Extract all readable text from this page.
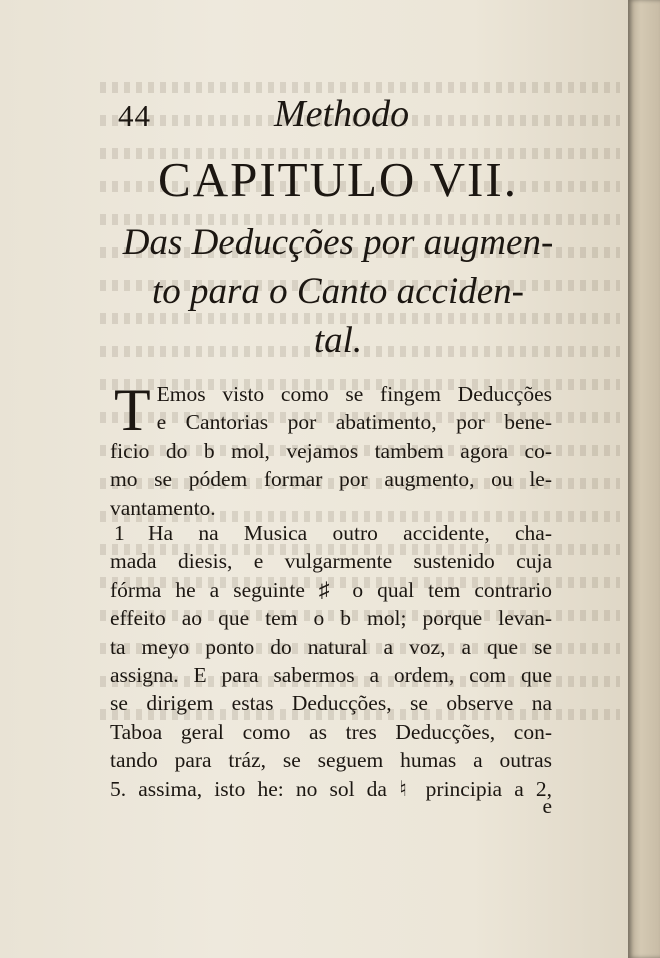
44	Methodo
CAPITULO VII.
Das Deducções por augmen-
to para o Canto acciden-
tal.
T Emos visto como se fingem Deducções
e Cantorias por abatimento, por bene-
ficio do b mol, vejamos tambem agora co-
mo se pódem formar por augmento, ou le-
vantamento.
1 Ha na Musica outro accidente, cha-
mada diesis, e vulgarmente sustenido cuja
fórma he a seguinte ♯ o qual tem contrario
effeito ao que tem o b mol; porque levan-
ta meyo ponto do natural a voz, a que se
assigna. E para sabermos a ordem, com que
se dirigem estas Deducções, se observe na
Taboa geral como as tres Deducções, con-
tando para tráz, se seguem humas a outras
5. assima, isto he: no sol da ♮ principia a 2,
e
